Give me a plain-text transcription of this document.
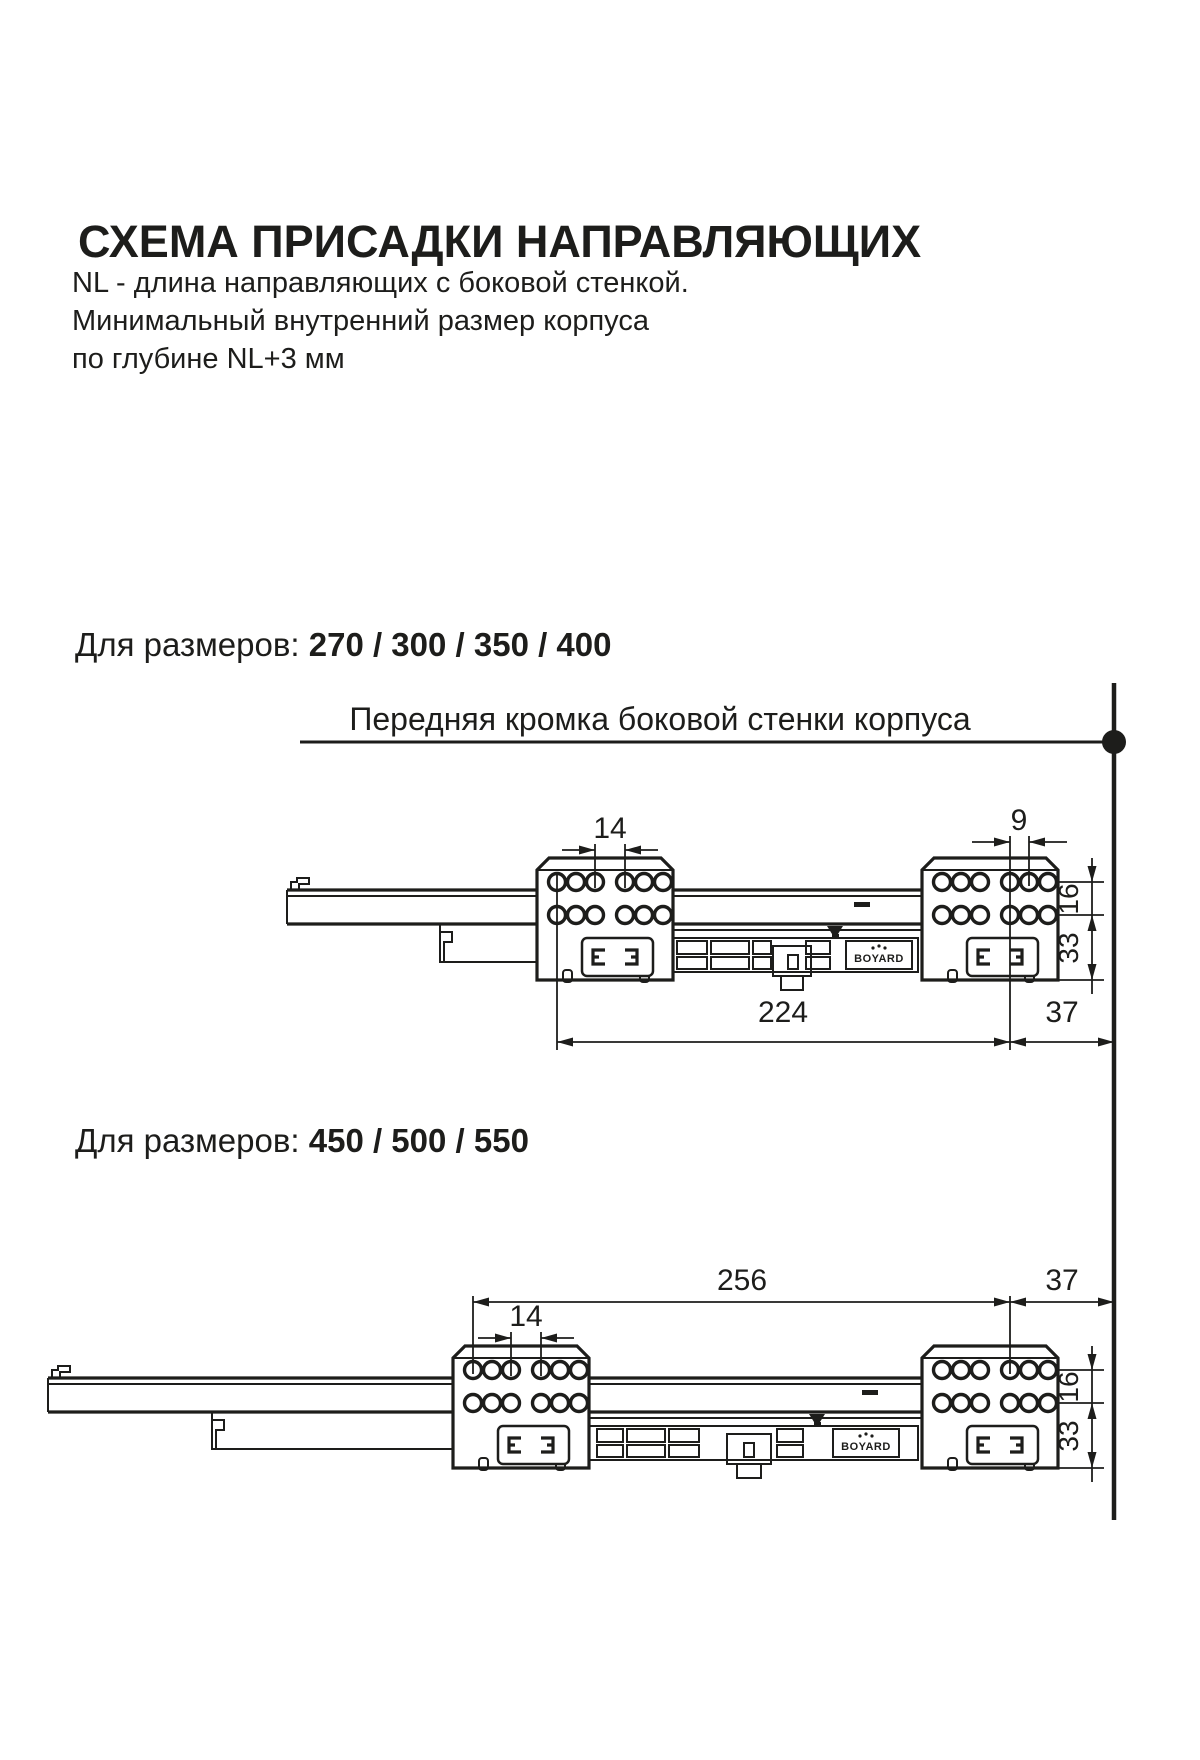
СХЕМА ПРИСАДКИ НАПРАВЛЯЮЩИХ
NL - длина направляющих с боковой стенкой.
Минимальный внутренний размер корпуса
по глубине NL+3 мм
Для размеров: 270 / 300 / 350 / 400
Для размеров: 450 / 500 / 550
Передняя кромка боковой стенки корпуса
BOYARD
14	9
224	37
16
33
BOYARD
14
256	37
16
33
